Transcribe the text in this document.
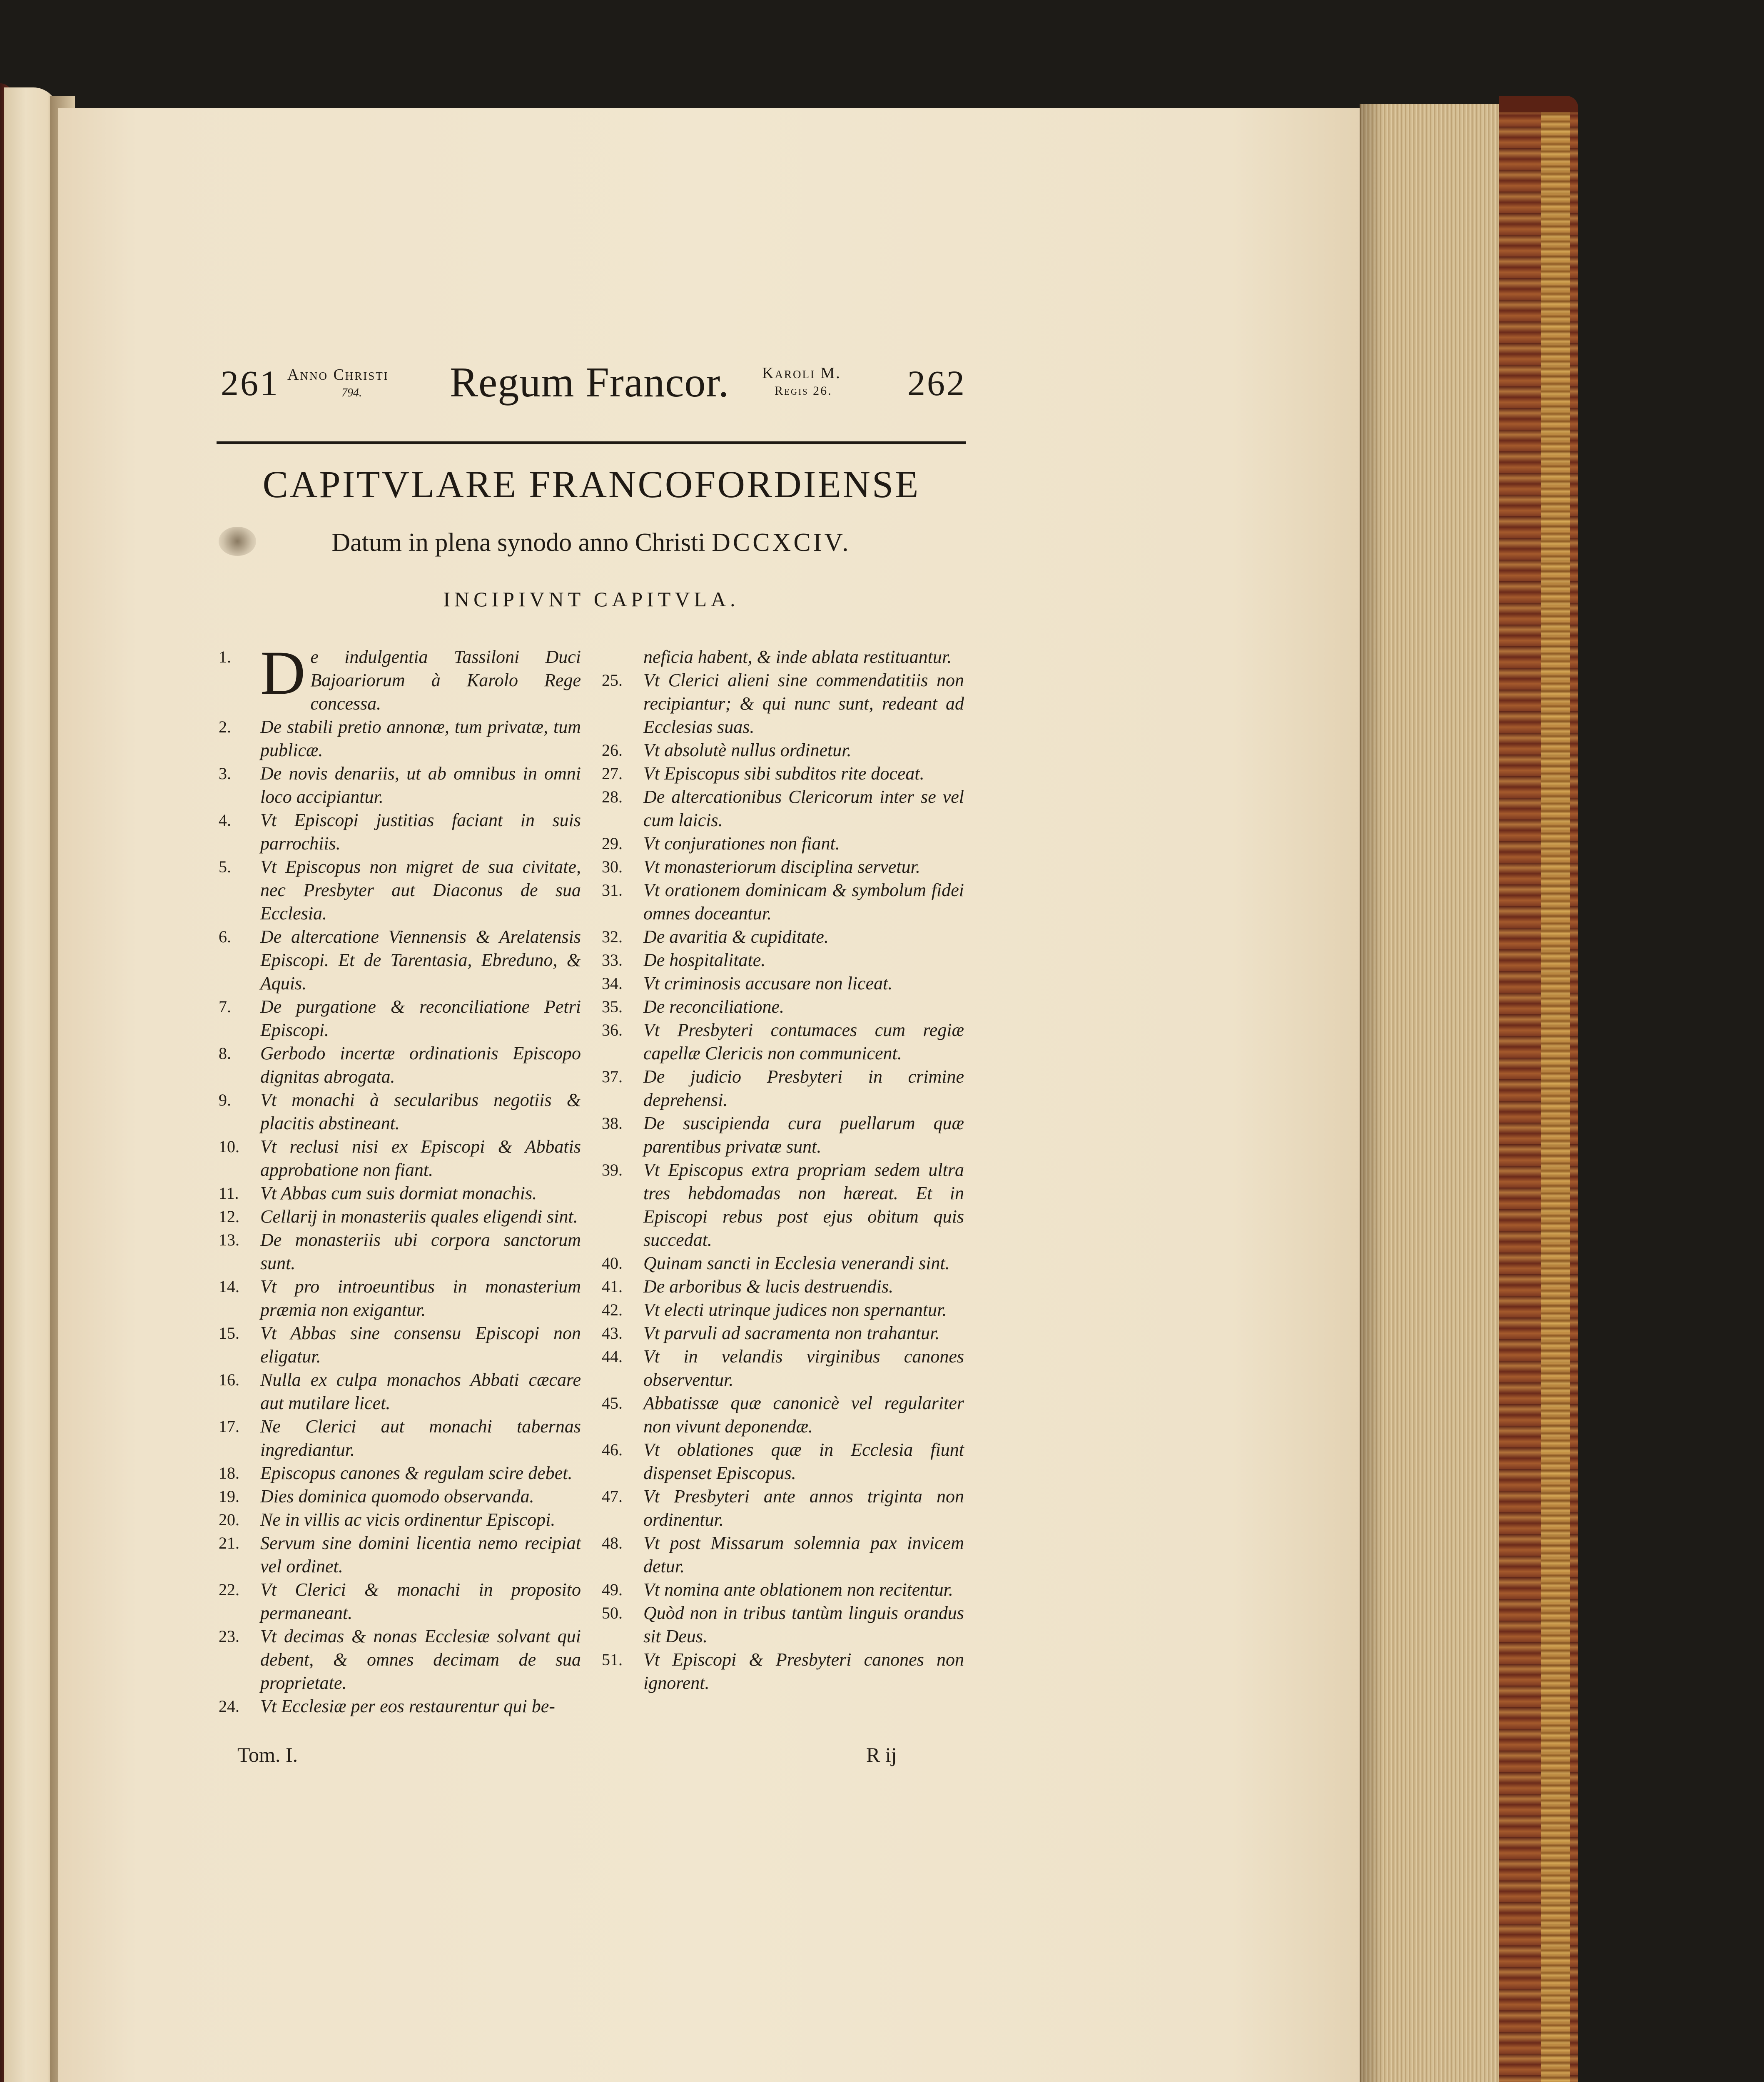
261 Anno Christi
794. Regum Francor. Karoli M.
Regis 26. 262
CAPITVLARE FRANCOFORDIENSE
Datum in plena synodo anno Christi DCCXCIV.
INCIPIVNT CAPITVLA.
1. De indulgentia Tassiloni Duci Bajoariorum à Karolo Rege concessa.
2.	De stabili pretio annonæ, tum privatæ, tum publicæ.
3.	De novis denariis, ut ab omnibus in omni loco accipiantur.
4.	Vt Episcopi justitias faciant in suis parrochiis.
5.	Vt Episcopus non migret de sua civitate, nec Presbyter aut Diaconus de sua Ecclesia.
6.	De altercatione Viennensis & Arelatensis Episcopi. Et de Tarentasia, Ebreduno, & Aquis.
7.	De purgatione & reconciliatione Petri Episcopi.
8.	Gerbodo incertæ ordinationis Episcopo dignitas abrogata.
9.	Vt monachi à secularibus negotiis & placitis abstineant.
10.	Vt reclusi nisi ex Episcopi & Abbatis approbatione non fiant.
11.	Vt Abbas cum suis dormiat monachis.
12.	Cellarij in monasteriis quales eligendi sint.
13.	De monasteriis ubi corpora sanctorum sunt.
14.	Vt pro introeuntibus in monasterium præmia non exigantur.
15.	Vt Abbas sine consensu Episcopi non eligatur.
16.	Nulla ex culpa monachos Abbati cæcare aut mutilare licet.
17.	Ne Clerici aut monachi tabernas ingrediantur.
18.	Episcopus canones & regulam scire debet.
19.	Dies dominica quomodo observanda.
20.	Ne in villis ac vicis ordinentur Episcopi.
21.	Servum sine domini licentia nemo recipiat vel ordinet.
22.	Vt Clerici & monachi in proposito permaneant.
23.	Vt decimas & nonas Ecclesiæ solvant qui debent, & omnes decimam de sua proprietate.
24.	Vt Ecclesiæ per eos restaurentur qui be-
neficia habent, & inde ablata restituantur.
25.	Vt Clerici alieni sine commendatitiis non recipiantur; & qui nunc sunt, redeant ad Ecclesias suas.
26.	Vt absolutè nullus ordinetur.
27.	Vt Episcopus sibi subditos rite doceat.
28.	De altercationibus Clericorum inter se vel cum laicis.
29.	Vt conjurationes non fiant.
30.	Vt monasteriorum disciplina servetur.
31.	Vt orationem dominicam & symbolum fidei omnes doceantur.
32.	De avaritia & cupiditate.
33.	De hospitalitate.
34.	Vt criminosis accusare non liceat.
35.	De reconciliatione.
36.	Vt Presbyteri contumaces cum regiæ capellæ Clericis non communicent.
37.	De judicio Presbyteri in crimine deprehensi.
38.	De suscipienda cura puellarum quæ parentibus privatæ sunt.
39.	Vt Episcopus extra propriam sedem ultra tres hebdomadas non hæreat. Et in Episcopi rebus post ejus obitum quis succedat.
40.	Quinam sancti in Ecclesia venerandi sint.
41.	De arboribus & lucis destruendis.
42.	Vt electi utrinque judices non spernantur.
43.	Vt parvuli ad sacramenta non trahantur.
44.	Vt in velandis virginibus canones observentur.
45.	Abbatissæ quæ canonicè vel regulariter non vivunt deponendæ.
46.	Vt oblationes quæ in Ecclesia fiunt dispenset Episcopus.
47.	Vt Presbyteri ante annos triginta non ordinentur.
48.	Vt post Missarum solemnia pax invicem detur.
49.	Vt nomina ante oblationem non recitentur.
50.	Quòd non in tribus tantùm linguis orandus sit Deus.
51.	Vt Episcopi & Presbyteri canones non ignorent.
Tom. I.	R ij
